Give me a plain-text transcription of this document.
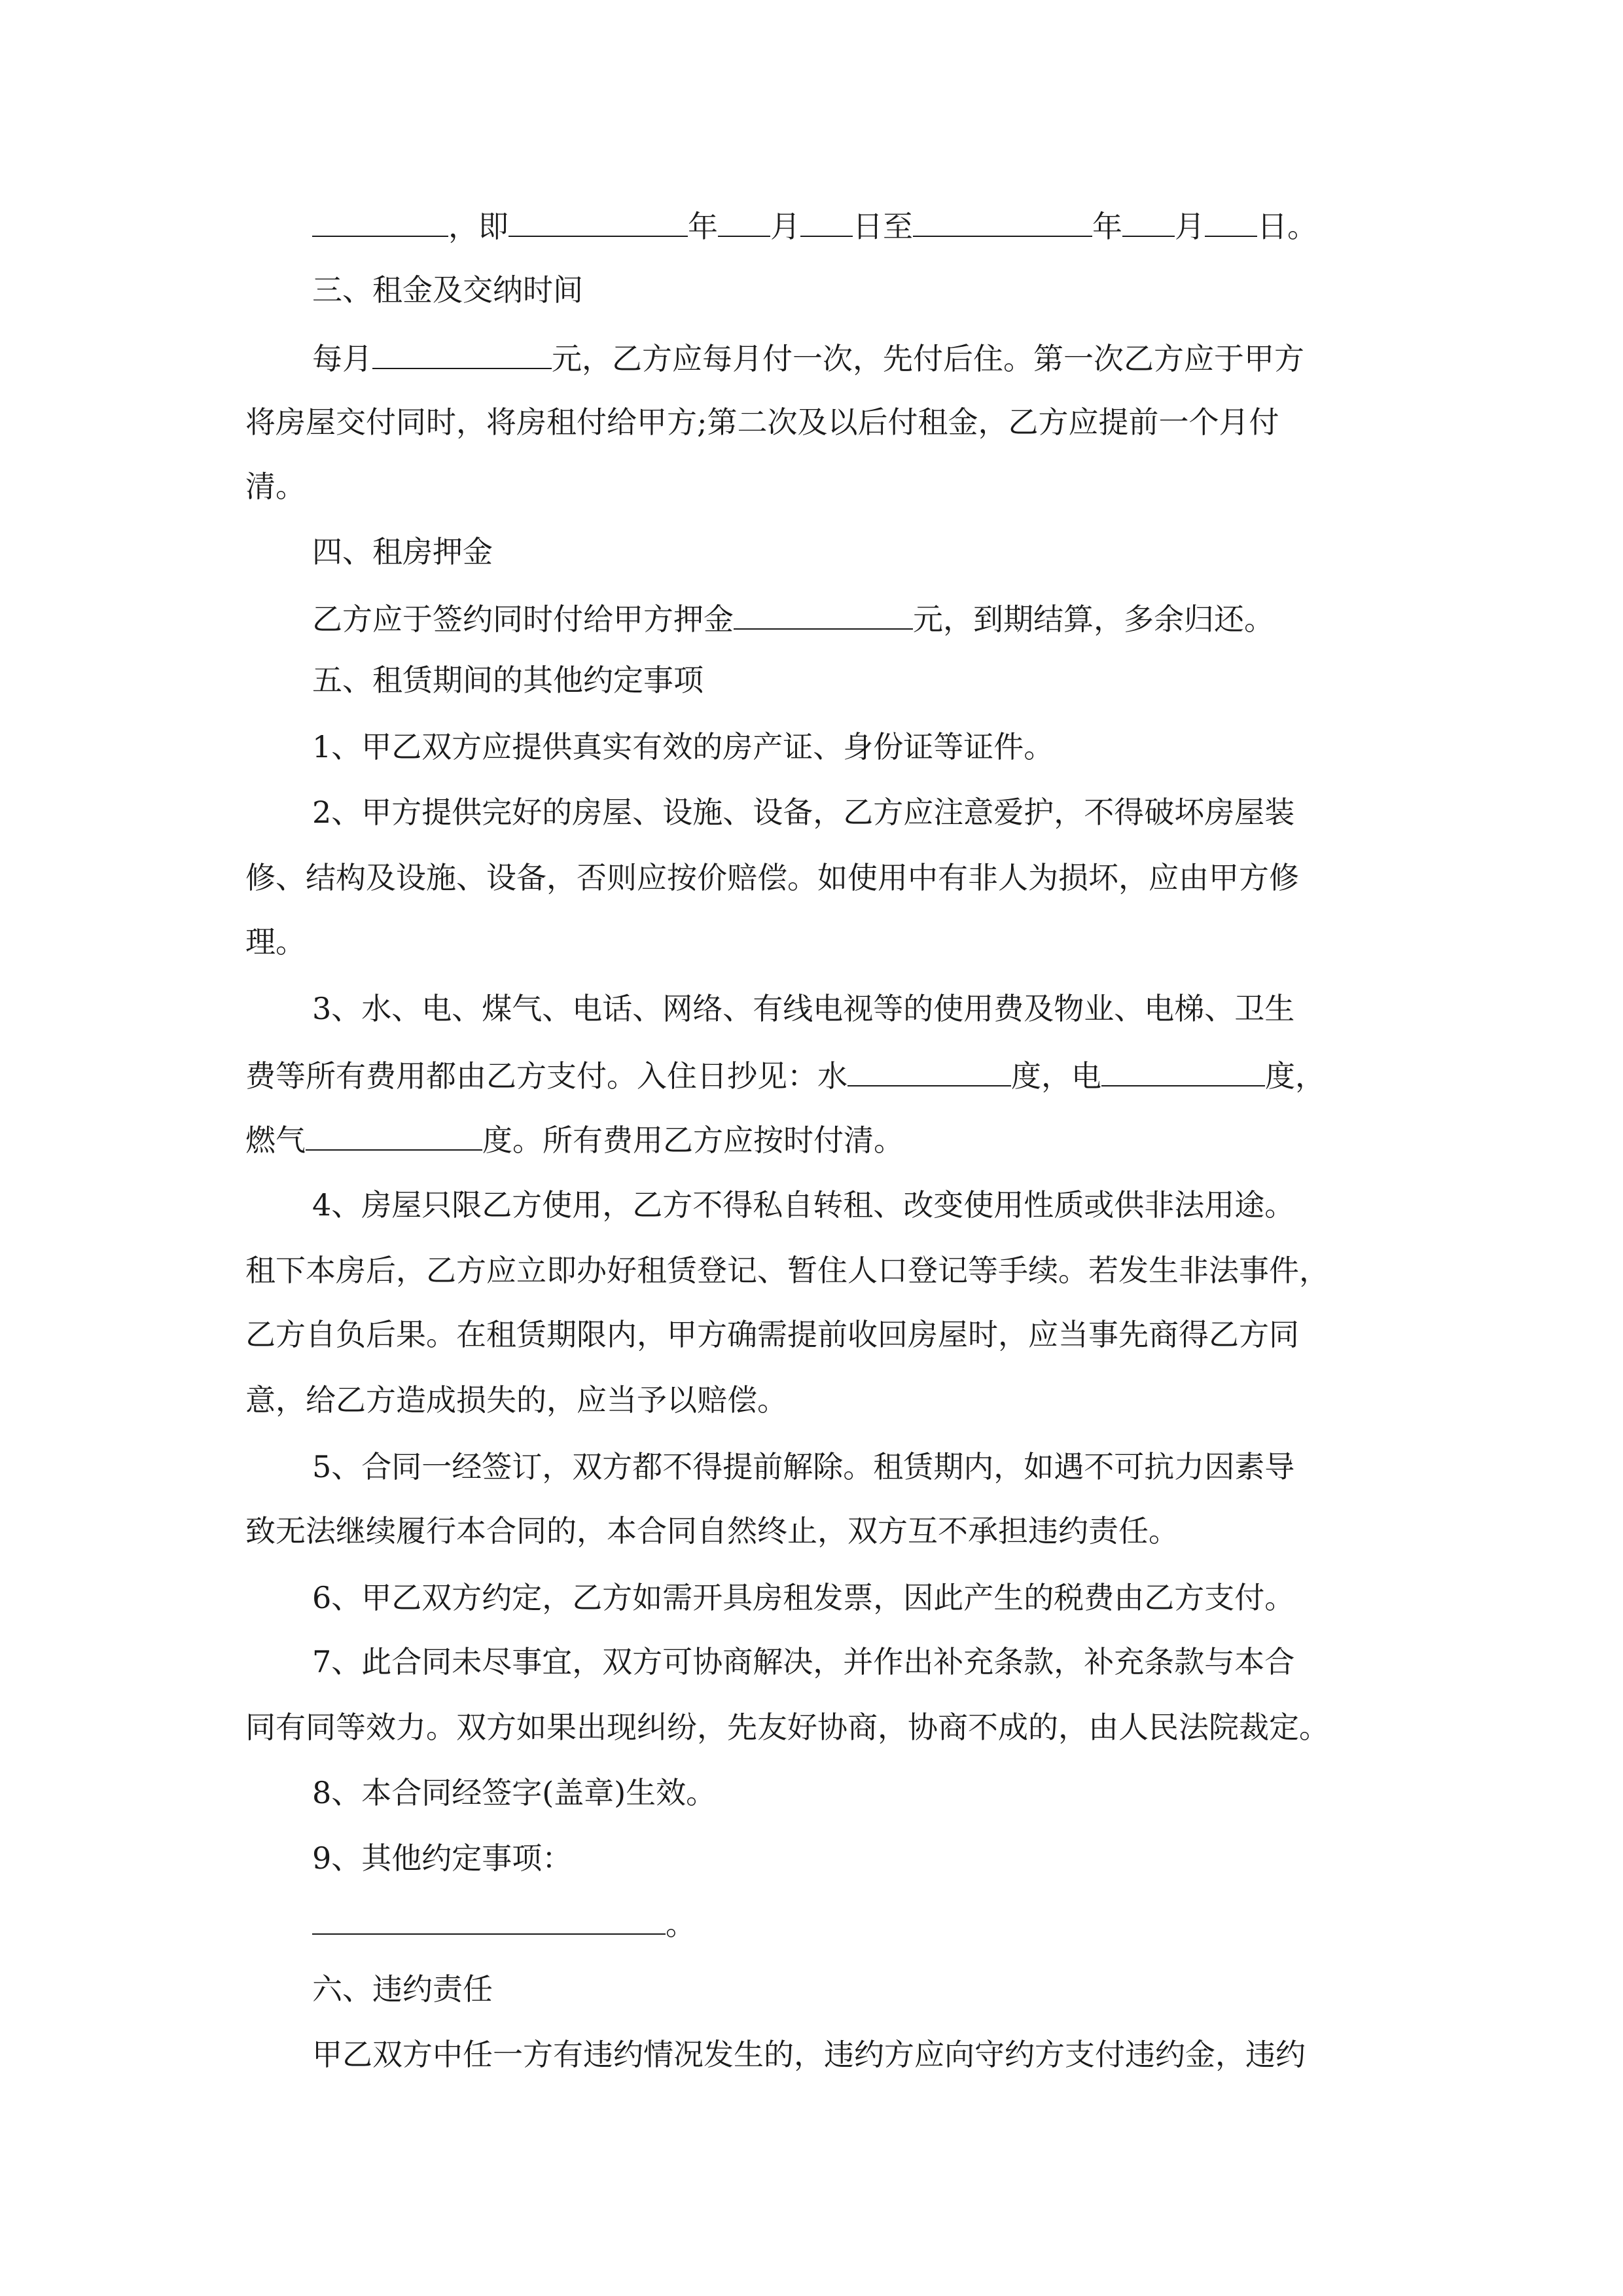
，即	年 月 日至	年 月 日。
三、租金及交纳时间
每月	元，乙方应每月付一次，先付后住。第一次乙方应于甲方
将房屋交付同时，将房租付给甲方;第二次及以后付租金，乙方应提前一个月付
清。
四、租房押金
乙方应于签约同时付给甲方押金	元，到期结算，多余归还。
五、租赁期间的其他约定事项
1、甲乙双方应提供真实有效的房产证、身份证等证件。
2、甲方提供完好的房屋、设施、设备，乙方应注意爱护，不得破坏房屋装
修、结构及设施、设备，否则应按价赔偿。如使用中有非人为损坏，应由甲方修
理。
3、水、电、煤气、电话、网络、有线电视等的使用费及物业、电梯、卫生
费等所有费用都由乙方支付。入住日抄见：水	度，电	度，
燃气	度。所有费用乙方应按时付清。
4、房屋只限乙方使用，乙方不得私自转租、改变使用性质或供非法用途。
租下本房后，乙方应立即办好租赁登记、暂住人口登记等手续。若发生非法事件，
乙方自负后果。在租赁期限内，甲方确需提前收回房屋时，应当事先商得乙方同
意，给乙方造成损失的，应当予以赔偿。
5、合同一经签订，双方都不得提前解除。租赁期内，如遇不可抗力因素导
致无法继续履行本合同的，本合同自然终止，双方互不承担违约责任。
6、甲乙双方约定，乙方如需开具房租发票，因此产生的税费由乙方支付。
7、此合同未尽事宜，双方可协商解决，并作出补充条款，补充条款与本合
同有同等效力。双方如果出现纠纷，先友好协商，协商不成的，由人民法院裁定。
8、本合同经签字(盖章)生效。
9、其他约定事项：
。
六、违约责任
甲乙双方中任一方有违约情况发生的，违约方应向守约方支付违约金，违约
